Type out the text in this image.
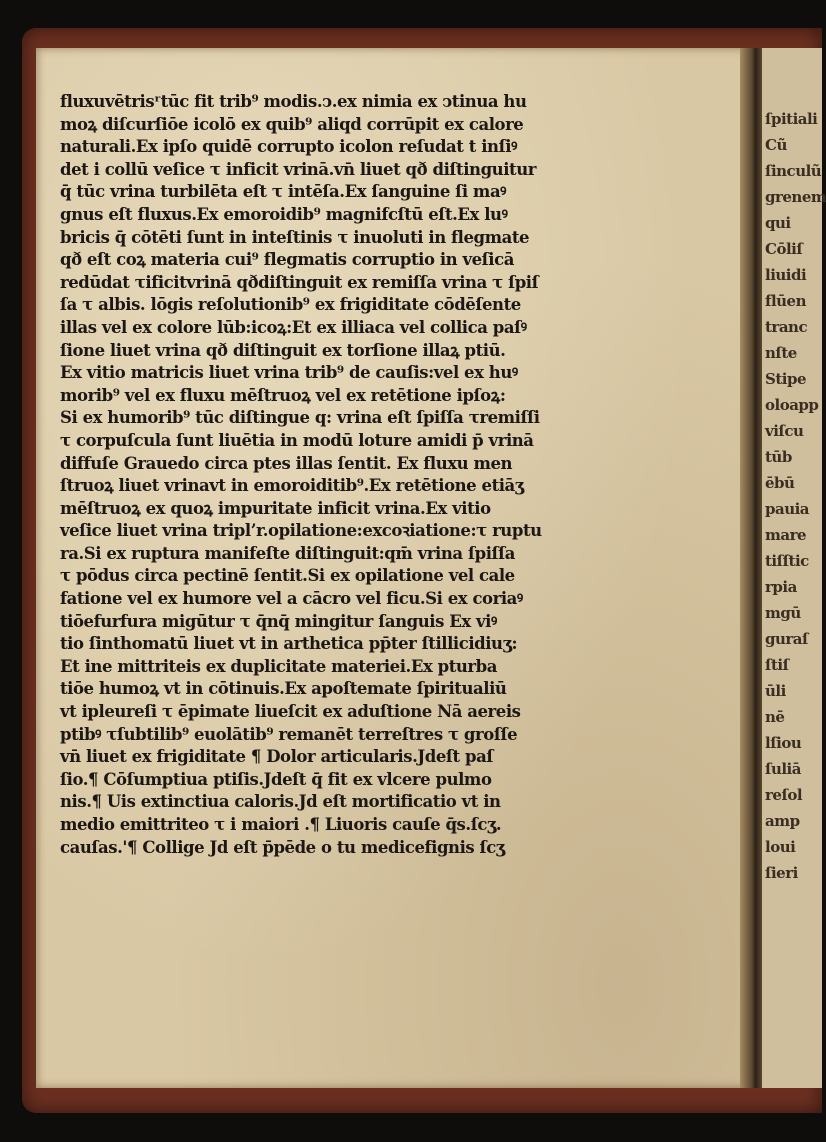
ſpitiali
Cũ
ſinculũ
grenem
qui
Cōliſ
liuidi
flūen
tranc
nſte
Stipe
oloapp
viſcu
tūb
ēbū
pauia
mare
tiſſtic
rpia
mgū
guraſ
ſtiſ
ūli
nē
lſiou
ſuliā
reſol
amp
loui
ſieri
fluxuvētrisʳtūc fit trib⁹ modis.ↄ.ex nimia ex ↄtinua hu
moꝝ diſcurſiōe icolō ex quib⁹ aliqd corrūpit ex calore
naturali.Ex ipſo quidē corrupto icolon reſudat t inſiꝰ
det i collū veſice τ inficit vrinā.vn̄ liuet qð diſtinguitur
q̄ tūc vrina turbilēta eſt τ intēſa.Ex ſanguine ſi maꝰ
gnus eſt fluxus.Ex emoroidib⁹ magnifcſtū eſt.Ex luꝰ
bricis q̄ cōtēti ſunt in inteſtinis τ inuoluti in flegmate
qð eſt coꝝ materia cui⁹ flegmatis corruptio in veſicā
redūdat τificitvrinā qðdiſtinguit ex remiſſa vrina τ ſpiſ
ſa τ albis. lōgis reſolutionib⁹ ex frigiditate cōdēſente
illas vel ex colore lūb:icoꝝ:Et ex illiaca vel collica paſꝰ
ſione liuet vrina qð diſtinguit ex torſione illaꝝ ptiū.
Ex vitio matricis liuet vrina trib⁹ de cauſis:vel ex huꝰ
morib⁹ vel ex fluxu mēſtruoꝝ vel ex retētione ipſoꝝ:
Si ex humorib⁹ tūc diſtingue q: vrina eſt ſpiſſa τremiſſi
τ corpuſcula ſunt liuētia in modū loture amidi p̄ vrinā
diffuſe Grauedo circa ptes illas ſentit. Ex fluxu men
ſtruoꝝ liuet vrinavt in emoroiditib⁹.Ex retētione etiāʒ
mēſtruoꝝ ex quoꝝ impuritate inficit vrina.Ex vitio
veſice liuet vrina tripl’r.opilatione:excoꝛiatione:τ ruptu
ra.Si ex ruptura manifeſte diſtinguit:qm̄ vrina ſpiſſa
τ pōdus circa pectinē ſentit.Si ex opilatione vel cale
fatione vel ex humore vel a cācro vel ficu.Si ex coriaꝰ
tiōefurfura migūtur τ q̄nq̄ mingitur ſanguis Ex viꝰ
tio ſinthomatū liuet vt in arthetica pp̄ter ſtillicidiuʒ:
Et ine mittriteis ex duplicitate materiei.Ex pturba
tiōe humoꝝ vt in cōtinuis.Ex apoſtemate ſpiritualiū
vt ipleureſi τ ēpimate liueſcit ex aduſtione Nā aereis
ptibꝰ τſubtilib⁹ euolātib⁹ remanēt terreſtres τ groſſe
vn̄ liuet ex frigiditate ¶ Dolor articularis.Jdeſt paſ
ſio.¶ Cōſumptiua ptiſis.Jdeſt q̄ fit ex vlcere pulmo
nis.¶ Uis extinctiua caloris.Jd eſt mortificatio vt in
medio emittriteo τ i maiori .¶ Liuoris cauſe q̄s.ſcʒ.
cauſas.'¶ Collige Jd eſt p̄pēde o tu medicefignis ſcʒ
